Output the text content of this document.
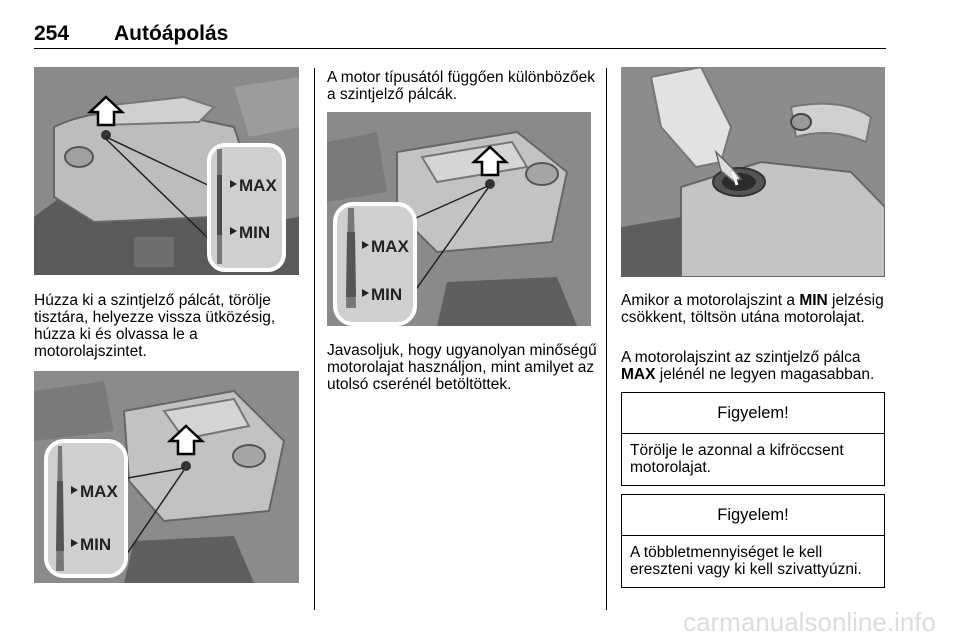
254 Autóápolás
MAX
MIN

Húzza ki a szintjelző pálcát, törölje tisztára, helyezze vissza ütközésig, húzza ki és olvassa le a motorolajszintet.

MAX
MIN

A motor típusától függően különbözőek a szintjelző pálcák.

MAX
MIN

Javasoljuk, hogy ugyanolyan minőségű motorolajat használjon, mint amilyet az utolsó cserénél betöltöttek.

Amikor a motorolajszint a MIN jelzésig csökkent, töltsön utána motorolajat.

A motorolajszint az szintjelző pálca MAX jelénél ne legyen magasabban.

Figyelem!
Törölje le azonnal a kifröccsent motorolajat.
Figyelem!
A többletmennyiséget le kell ereszteni vagy ki kell szivattyúzni.
carmanualsonline.info
